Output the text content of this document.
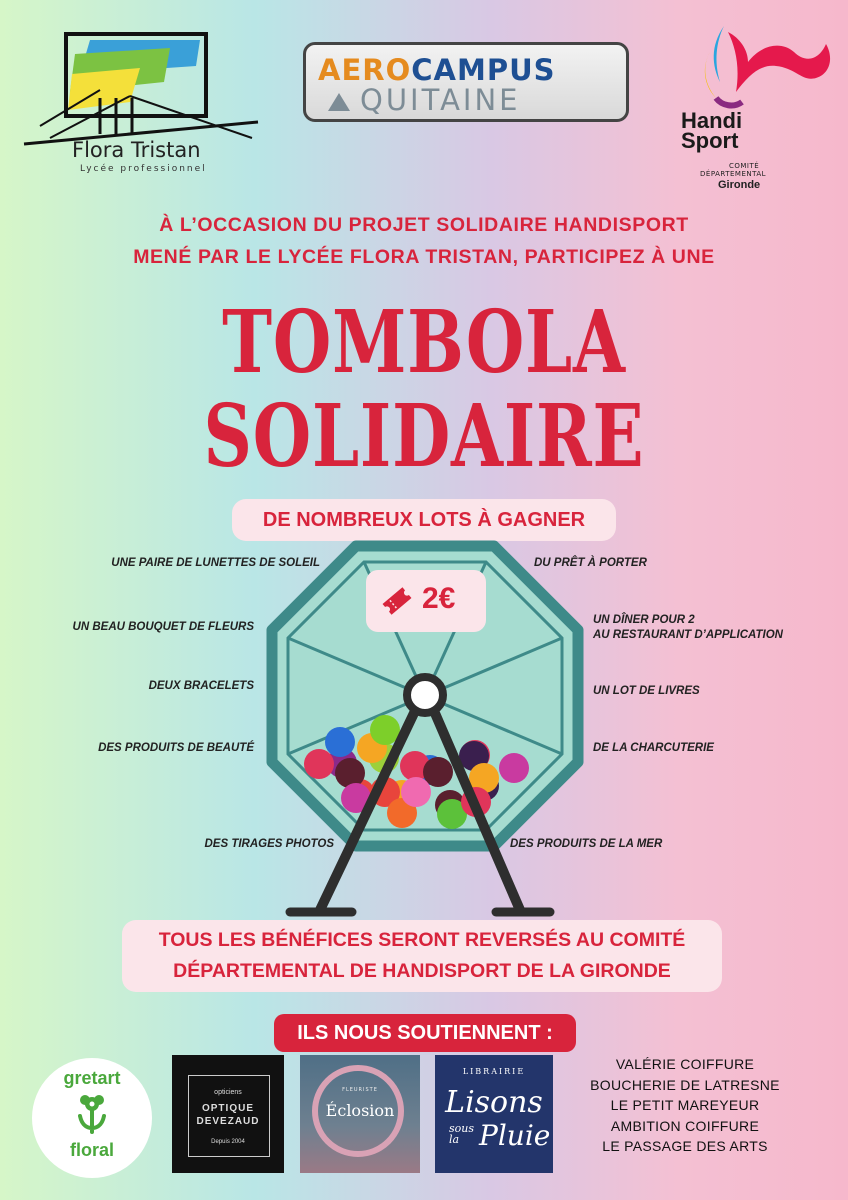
Flora Tristan
Lycée professionnel
AEROCAMPUS
QUITAINE
Handi
Sport
COMITÉ
DÉPARTEMENTAL
Gironde
À L’OCCASION DU PROJET SOLIDAIRE HANDISPORT
MENÉ PAR LE LYCÉE FLORA TRISTAN, PARTICIPEZ À UNE
TOMBOLA
SOLIDAIRE
DE NOMBREUX LOTS À GAGNER
2€
UNE PAIRE DE LUNETTES DE SOLEIL
UN BEAU BOUQUET DE FLEURS
DEUX BRACELETS
DES PRODUITS DE BEAUTÉ
DES TIRAGES PHOTOS
DU PRÊT À PORTER
UN DÎNER POUR 2
AU RESTAURANT D’APPLICATION
UN LOT DE LIVRES
DE LA CHARCUTERIE
DES PRODUITS DE LA MER
TOUS LES BÉNÉFICES SERONT REVERSÉS AU COMITÉ
DÉPARTEMENTAL DE HANDISPORT DE LA GIRONDE
ILS NOUS SOUTIENNENT :
gretart
floral
opticiens
OPTIQUE
DEVEZAUD
Depuis 2004
FLEURISTE
Éclosion
LIBRAIRIE
Lisons
sous
la Pluie
VALÉRIE COIFFURE
BOUCHERIE DE LATRESNE
LE PETIT MAREYEUR
AMBITION COIFFURE
LE PASSAGE DES ARTS
